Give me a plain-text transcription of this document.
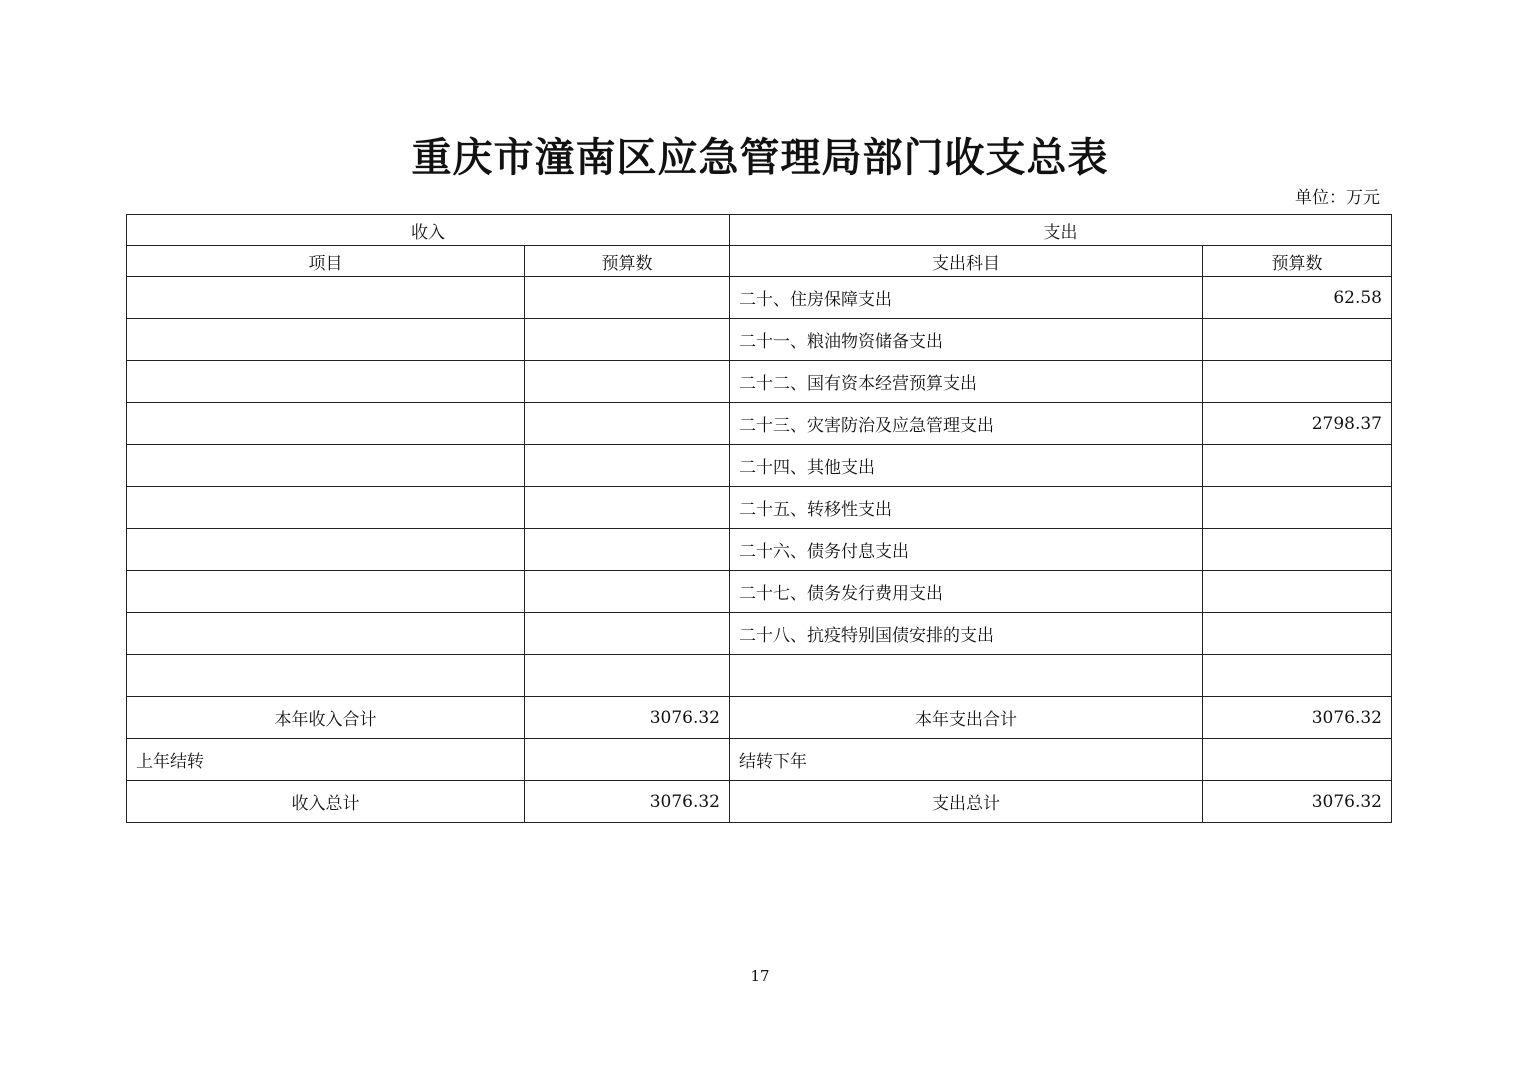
重庆市潼南区应急管理局部门收支总表
单位：万元
收入		支出	
项目	预算数	支出科目	预算数
		二十、住房保障支出	62.58
		二十一、粮油物资储备支出	
		二十二、国有资本经营预算支出	
		二十三、灾害防治及应急管理支出	2798.37
		二十四、其他支出	
		二十五、转移性支出	
		二十六、债务付息支出	
		二十七、债务发行费用支出	
		二十八、抗疫特别国债安排的支出	

本年收入合计	3076.32	本年支出合计	3076.32
上年结转		结转下年	
收入总计	3076.32	支出总计	3076.32
17
